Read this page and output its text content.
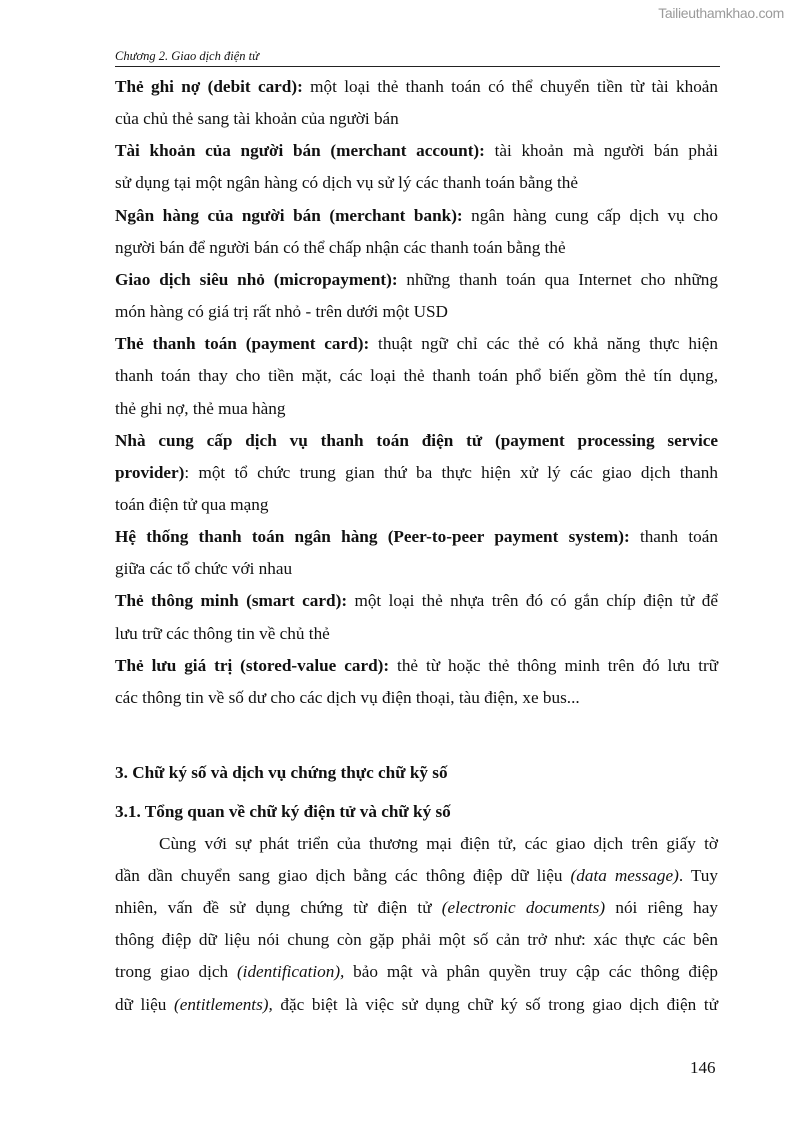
Tailieuthamkhao.com
Chương 2. Giao dịch điện tử
Thẻ ghi nợ (debit card): một loại thẻ thanh toán có thể chuyển tiền từ tài khoản
của chủ thẻ sang tài khoản của người bán
Tài khoản của người bán (merchant account): tài khoản mà người bán phải
sử dụng tại một ngân hàng có dịch vụ sử lý các thanh toán bằng thẻ
Ngân hàng của người bán (merchant bank): ngân hàng cung cấp dịch vụ cho
người bán để người bán có thể chấp nhận các thanh toán bằng thẻ
Giao dịch siêu nhỏ (micropayment): những thanh toán qua Internet cho những
món hàng có giá trị rất nhỏ - trên dưới một USD
Thẻ thanh toán (payment card): thuật ngữ chỉ các thẻ có khả năng thực hiện
thanh toán thay cho tiền mặt, các loại thẻ thanh toán phổ biến gồm thẻ tín dụng,
thẻ ghi nợ, thẻ mua hàng
Nhà cung cấp dịch vụ thanh toán điện tử (payment processing service
provider): một tổ chức trung gian thứ ba thực hiện xử lý các giao dịch thanh
toán điện tử qua mạng
Hệ thống thanh toán ngân hàng (Peer-to-peer payment system): thanh toán
giữa các tổ chức với nhau
Thẻ thông minh (smart card): một loại thẻ nhựa trên đó có gắn chíp điện tử để
lưu trữ các thông tin về chủ thẻ
Thẻ lưu giá trị (stored-value card): thẻ từ hoặc thẻ thông minh trên đó lưu trữ
các thông tin về số dư cho các dịch vụ điện thoại, tàu điện, xe bus...
3. Chữ ký số và dịch vụ chứng thực chữ kỹ số
3.1. Tổng quan về chữ ký điện tử và chữ ký số
Cùng với sự phát triển của thương mại điện tử, các giao dịch trên giấy tờ
dần dần chuyển sang giao dịch bằng các thông điệp dữ liệu (data message). Tuy
nhiên, vấn đề sử dụng chứng từ điện tử (electronic documents) nói riêng hay
thông điệp dữ liệu nói chung còn gặp phải một số cản trở như: xác thực các bên
trong giao dịch (identification), bảo mật và phân quyền truy cập các thông điệp
dữ liệu (entitlements), đặc biệt là việc sử dụng chữ ký số trong giao dịch điện tử
146
